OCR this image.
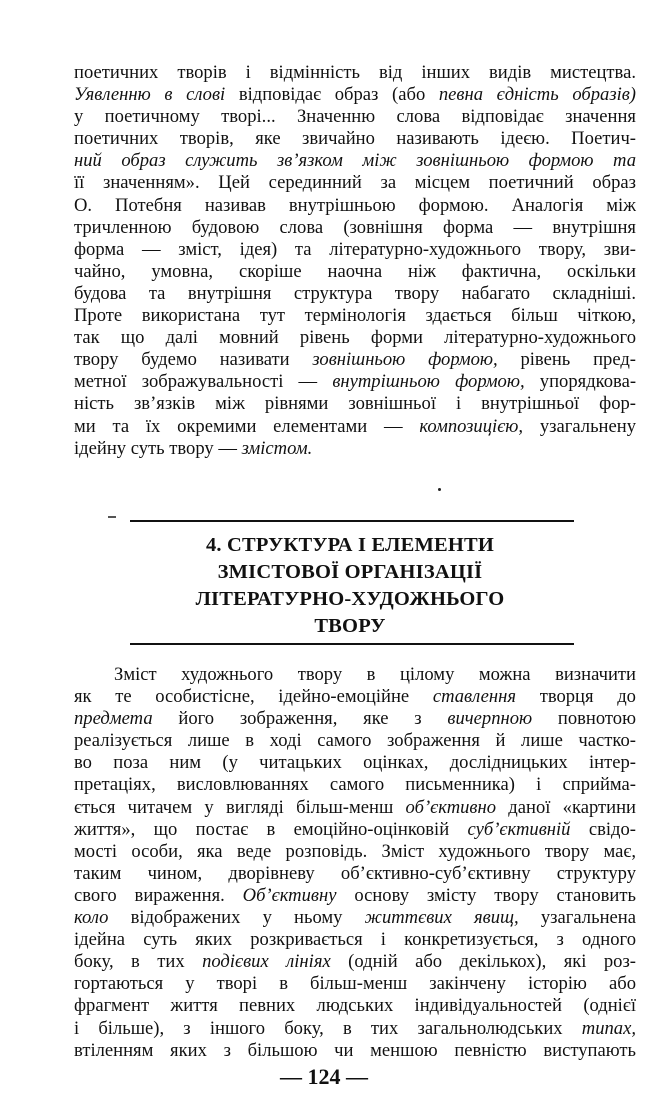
поетичних творів і відмінність від інших видів мистецтва.
Уявленню в слові відповідає образ (або певна єдність образів)
у поетичному творі... Значенню слова відповідає значення
поетичних творів, яке звичайно називають ідеєю. Поетич-
ний образ служить зв’язком між зовнішньою формою та
її значенням». Цей серединний за місцем поетичний образ
О. Потебня називав внутрішньою формою. Аналогія між
тричленною будовою слова (зовнішня форма — внутрішня
форма — зміст, ідея) та літературно-художнього твору, зви-
чайно, умовна, скоріше наочна ніж фактична, оскільки
будова та внутрішня структура твору набагато складніші.
Проте використана тут термінологія здається більш чіткою,
так що далі мовний рівень форми літературно-художнього
твору будемо називати зовнішньою формою, рівень пред-
метної зображувальності — внутрішньою формою, упорядкова-
ність зв’язків між рівнями зовнішньої і внутрішньої фор-
ми та їх окремими елементами — композицією, узагальнену
ідейну суть твору — змістом.

4. СТРУКТУРА І ЕЛЕМЕНТИ
ЗМІСТОВОЇ ОРГАНІЗАЦІЇ
ЛІТЕРАТУРНО-ХУДОЖНЬОГО
ТВОРУ

Зміст художнього твору в цілому можна визначити
як те особистісне, ідейно-емоційне ставлення творця до
предмета його зображення, яке з вичерпною повнотою
реалізується лише в ході самого зображення й лише частко-
во поза ним (у читацьких оцінках, дослідницьких інтер-
претаціях, висловлюваннях самого письменника) і сприйма-
ється читачем у вигляді більш-менш об’єктивно даної «картини
життя», що постає в емоційно-оцінковій суб’єктивній свідо-
мості особи, яка веде розповідь. Зміст художнього твору має,
таким чином, дворівневу об’єктивно-суб’єктивну структуру
свого вираження. Об’єктивну основу змісту твору становить
коло відображених у ньому життєвих явищ, узагальнена
ідейна суть яких розкривається і конкретизується, з одного
боку, в тих подієвих лініях (одній або декількох), які роз-
гортаються у творі в більш-менш закінчену історію або
фрагмент життя певних людських індивідуальностей (однієї
і більше), з іншого боку, в тих загальнолюдських типах,
втіленням яких з більшою чи меншою певністю виступають

— 124 —
